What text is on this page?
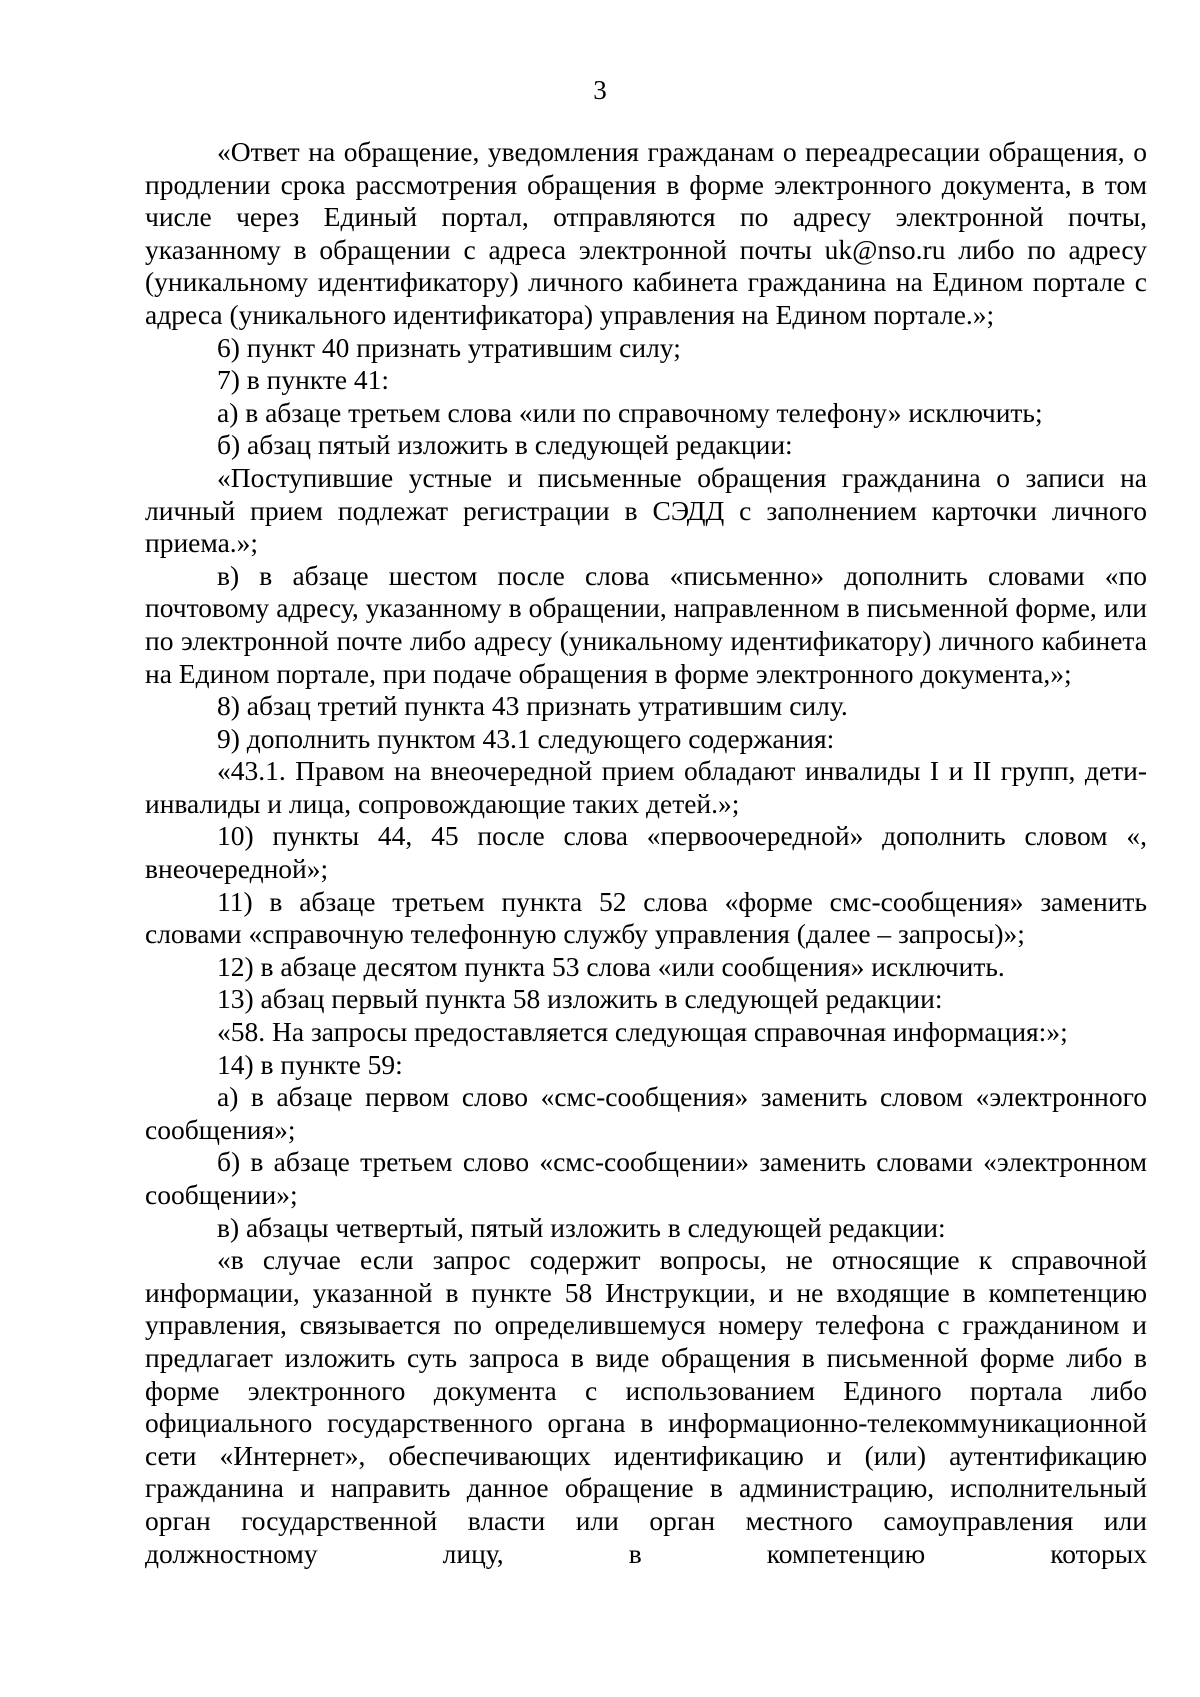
3

«Ответ на обращение, уведомления гражданам о переадресации обращения, о продлении срока рассмотрения обращения в форме электронного документа, в том числе через Единый портал, отправляются по адресу электронной почты, указанному в обращении с адреса электронной почты uk@nso.ru либо по адресу (уникальному идентификатору) личного кабинета гражданина на Едином портале с адреса (уникального идентификатора) управления на Едином портале.»;

6) пункт 40 признать утратившим силу;

7) в пункте 41:

а) в абзаце третьем слова «или по справочному телефону» исключить;

б) абзац пятый изложить в следующей редакции:

«Поступившие устные и письменные обращения гражданина о записи на личный прием подлежат регистрации в СЭДД с заполнением карточки личного приема.»;

в) в абзаце шестом после слова «письменно» дополнить словами «по почтовому адресу, указанному в обращении, направленном в письменной форме, или по электронной почте либо адресу (уникальному идентификатору) личного кабинета на Едином портале, при подаче обращения в форме электронного документа,»;

8) абзац третий пункта 43 признать утратившим силу.

9) дополнить пунктом 43.1 следующего содержания:

«43.1. Правом на внеочередной прием обладают инвалиды I и II групп, дети-инвалиды и лица, сопровождающие таких детей.»;

10) пункты 44, 45 после слова «первоочередной» дополнить словом «, внеочередной»;

11) в абзаце третьем пункта 52 слова «форме смс-сообщения» заменить словами «справочную телефонную службу управления (далее – запросы)»;

12) в абзаце десятом пункта 53 слова «или сообщения» исключить.

13) абзац первый пункта 58 изложить в следующей редакции:

«58. На запросы предоставляется следующая справочная информация:»;

14) в пункте 59:

а) в абзаце первом слово «смс-сообщения» заменить словом «электронного сообщения»;

б) в абзаце третьем слово «смс-сообщении» заменить словами «электронном сообщении»;

в) абзацы четвертый, пятый изложить в следующей редакции:

«в случае если запрос содержит вопросы, не относящие к справочной информации, указанной в пункте 58 Инструкции, и не входящие в компетенцию управления, связывается по определившемуся номеру телефона с гражданином и предлагает изложить суть запроса в виде обращения в письменной форме либо в форме электронного документа с использованием Единого портала либо официального государственного органа в информационно-телекоммуникационной сети «Интернет», обеспечивающих идентификацию и (или) аутентификацию гражданина и направить данное обращение в администрацию, исполнительный орган государственной власти или орган местного самоуправления или должностному лицу, в компетенцию которых
